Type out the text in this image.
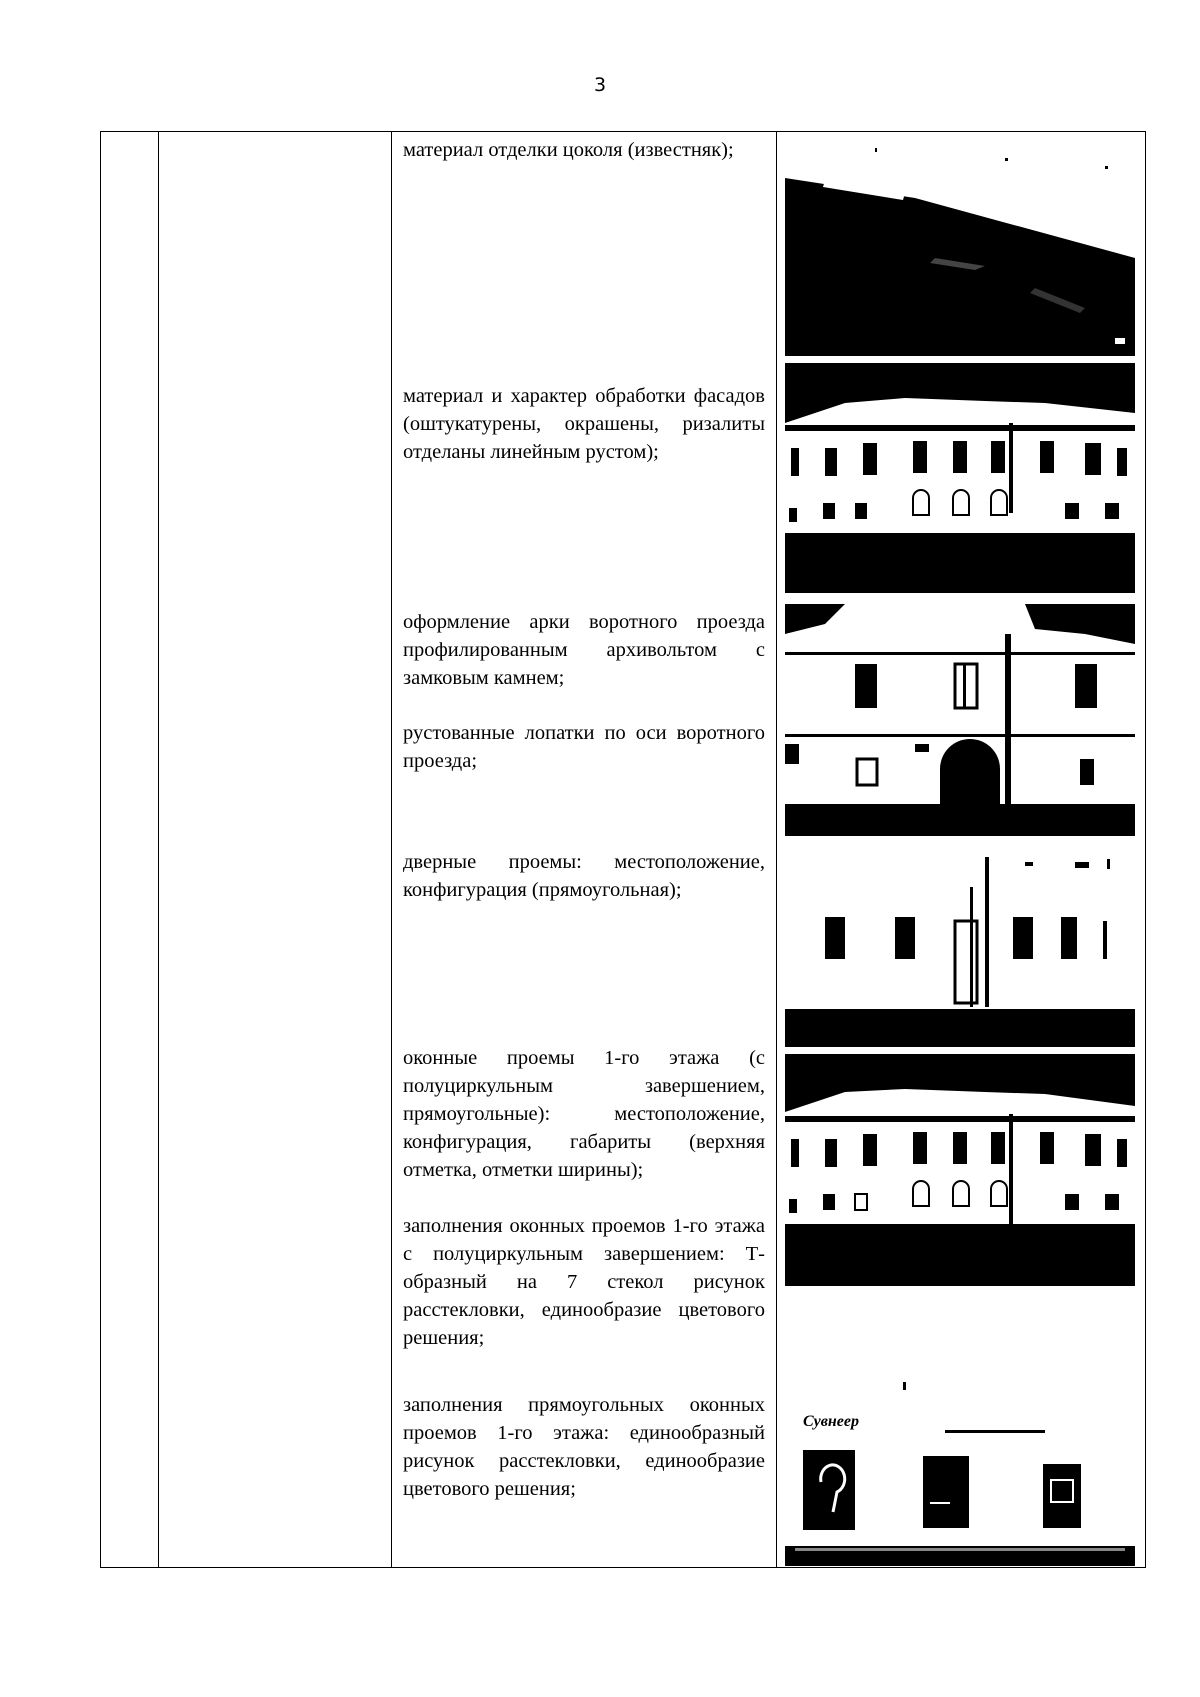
3
материал отделки цоколя (известняк);
материал и характер обработки фасадов (оштукатурены, окрашены, ризалиты отделаны линейным рустом);
оформление арки воротного проезда профилированным архивольтом с замковым камнем;
рустованные лопатки по оси воротного проезда;
дверные проемы: местоположение, конфигурация (прямоугольная);
оконные проемы 1-го этажа (с полуциркульным завершением, прямоугольные): местоположение, конфигурация, габариты (верхняя отметка, отметки ширины);
заполнения оконных проемов 1-го этажа с полуциркульным завершением: Т-образный на 7 стекол рисунок расстекловки, единообразие цветового решения;
заполнения прямоугольных оконных проемов 1-го этажа: единообразный рисунок расстекловки, единообразие цветового решения;
Сувнеер
